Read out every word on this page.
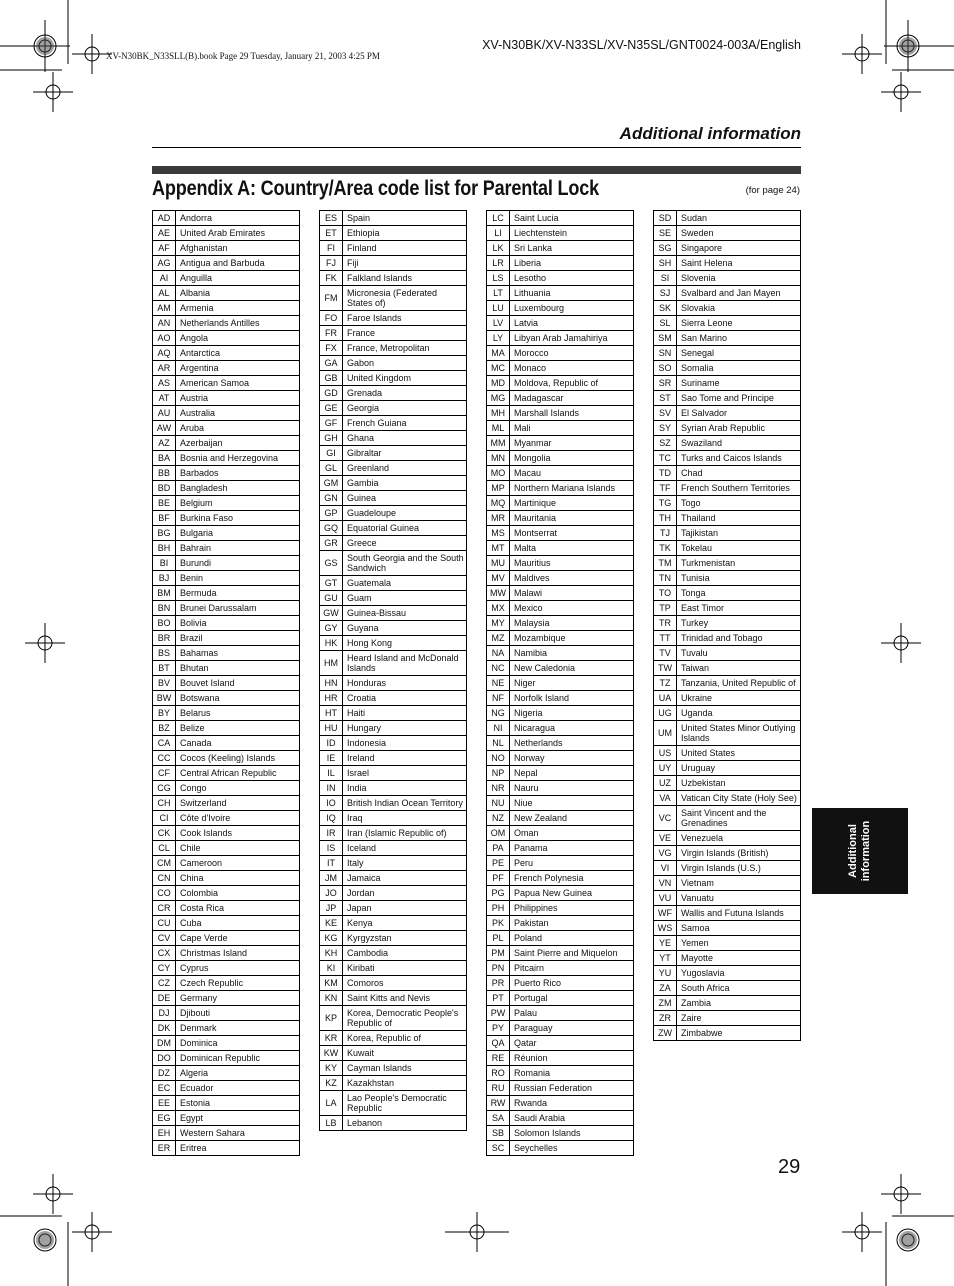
XV-N30BK_N33SLL(B).book Page 29 Tuesday, January 21, 2003 4:25 PM
XV-N30BK/XV-N33SL/XV-N35SL/GNT0024-003A/English
Additional information
Appendix A: Country/Area code list for Parental Lock	(for page 24)
AD	Andorra
AE	United Arab Emirates
AF	Afghanistan
AG	Antigua and Barbuda
AI	Anguilla
AL	Albania
AM	Armenia
AN	Netherlands Antilles
AO	Angola
AQ	Antarctica
AR	Argentina
AS	American Samoa
AT	Austria
AU	Australia
AW	Aruba
AZ	Azerbaijan
BA	Bosnia and Herzegovina
BB	Barbados
BD	Bangladesh
BE	Belgium
BF	Burkina Faso
BG	Bulgaria
BH	Bahrain
BI	Burundi
BJ	Benin
BM	Bermuda
BN	Brunei Darussalam
BO	Bolivia
BR	Brazil
BS	Bahamas
BT	Bhutan
BV	Bouvet Island
BW	Botswana
BY	Belarus
BZ	Belize
CA	Canada
CC	Cocos (Keeling) Islands
CF	Central African Republic
CG	Congo
CH	Switzerland
CI	Côte d'Ivoire
CK	Cook Islands
CL	Chile
CM	Cameroon
CN	China
CO	Colombia
CR	Costa Rica
CU	Cuba
CV	Cape Verde
CX	Christmas Island
CY	Cyprus
CZ	Czech Republic
DE	Germany
DJ	Djibouti
DK	Denmark
DM	Dominica
DO	Dominican Republic
DZ	Algeria
EC	Ecuador
EE	Estonia
EG	Egypt
EH	Western Sahara
ER	Eritrea
ES	Spain
ET	Ethiopia
FI	Finland
FJ	Fiji
FK	Falkland Islands
FM	Micronesia (Federated States of)
FO	Faroe Islands
FR	France
FX	France, Metropolitan
GA	Gabon
GB	United Kingdom
GD	Grenada
GE	Georgia
GF	French Guiana
GH	Ghana
GI	Gibraltar
GL	Greenland
GM	Gambia
GN	Guinea
GP	Guadeloupe
GQ	Equatorial Guinea
GR	Greece
GS	South Georgia and the South Sandwich
GT	Guatemala
GU	Guam
GW	Guinea-Bissau
GY	Guyana
HK	Hong Kong
HM	Heard Island and McDonald Islands
HN	Honduras
HR	Croatia
HT	Haiti
HU	Hungary
ID	Indonesia
IE	Ireland
IL	Israel
IN	India
IO	British Indian Ocean Territory
IQ	Iraq
IR	Iran (Islamic Republic of)
IS	Iceland
IT	Italy
JM	Jamaica
JO	Jordan
JP	Japan
KE	Kenya
KG	Kyrgyzstan
KH	Cambodia
KI	Kiribati
KM	Comoros
KN	Saint Kitts and Nevis
KP	Korea, Democratic People's Republic of
KR	Korea, Republic of
KW	Kuwait
KY	Cayman Islands
KZ	Kazakhstan
LA	Lao People's Democratic Republic
LB	Lebanon
LC	Saint Lucia
LI	Liechtenstein
LK	Sri Lanka
LR	Liberia
LS	Lesotho
LT	Lithuania
LU	Luxembourg
LV	Latvia
LY	Libyan Arab Jamahiriya
MA	Morocco
MC	Monaco
MD	Moldova, Republic of
MG	Madagascar
MH	Marshall Islands
ML	Mali
MM	Myanmar
MN	Mongolia
MO	Macau
MP	Northern Mariana Islands
MQ	Martinique
MR	Mauritania
MS	Montserrat
MT	Malta
MU	Mauritius
MV	Maldives
MW	Malawi
MX	Mexico
MY	Malaysia
MZ	Mozambique
NA	Namibia
NC	New Caledonia
NE	Niger
NF	Norfolk Island
NG	Nigeria
NI	Nicaragua
NL	Netherlands
NO	Norway
NP	Nepal
NR	Nauru
NU	Niue
NZ	New Zealand
OM	Oman
PA	Panama
PE	Peru
PF	French Polynesia
PG	Papua New Guinea
PH	Philippines
PK	Pakistan
PL	Poland
PM	Saint Pierre and Miquelon
PN	Pitcairn
PR	Puerto Rico
PT	Portugal
PW	Palau
PY	Paraguay
QA	Qatar
RE	Réunion
RO	Romania
RU	Russian Federation
RW	Rwanda
SA	Saudi Arabia
SB	Solomon Islands
SC	Seychelles
SD	Sudan
SE	Sweden
SG	Singapore
SH	Saint Helena
SI	Slovenia
SJ	Svalbard and Jan Mayen
SK	Slovakia
SL	Sierra Leone
SM	San Marino
SN	Senegal
SO	Somalia
SR	Suriname
ST	Sao Tome and Principe
SV	El Salvador
SY	Syrian Arab Republic
SZ	Swaziland
TC	Turks and Caicos Islands
TD	Chad
TF	French Southern Territories
TG	Togo
TH	Thailand
TJ	Tajikistan
TK	Tokelau
TM	Turkmenistan
TN	Tunisia
TO	Tonga
TP	East Timor
TR	Turkey
TT	Trinidad and Tobago
TV	Tuvalu
TW	Taiwan
TZ	Tanzania, United Republic of
UA	Ukraine
UG	Uganda
UM	United States Minor Outlying Islands
US	United States
UY	Uruguay
UZ	Uzbekistan
VA	Vatican City State (Holy See)
VC	Saint Vincent and the Grenadines
VE	Venezuela
VG	Virgin Islands (British)
VI	Virgin Islands (U.S.)
VN	Vietnam
VU	Vanuatu
WF	Wallis and Futuna Islands
WS	Samoa
YE	Yemen
YT	Mayotte
YU	Yugoslavia
ZA	South Africa
ZM	Zambia
ZR	Zaire
ZW	Zimbabwe
Additional
information
29
